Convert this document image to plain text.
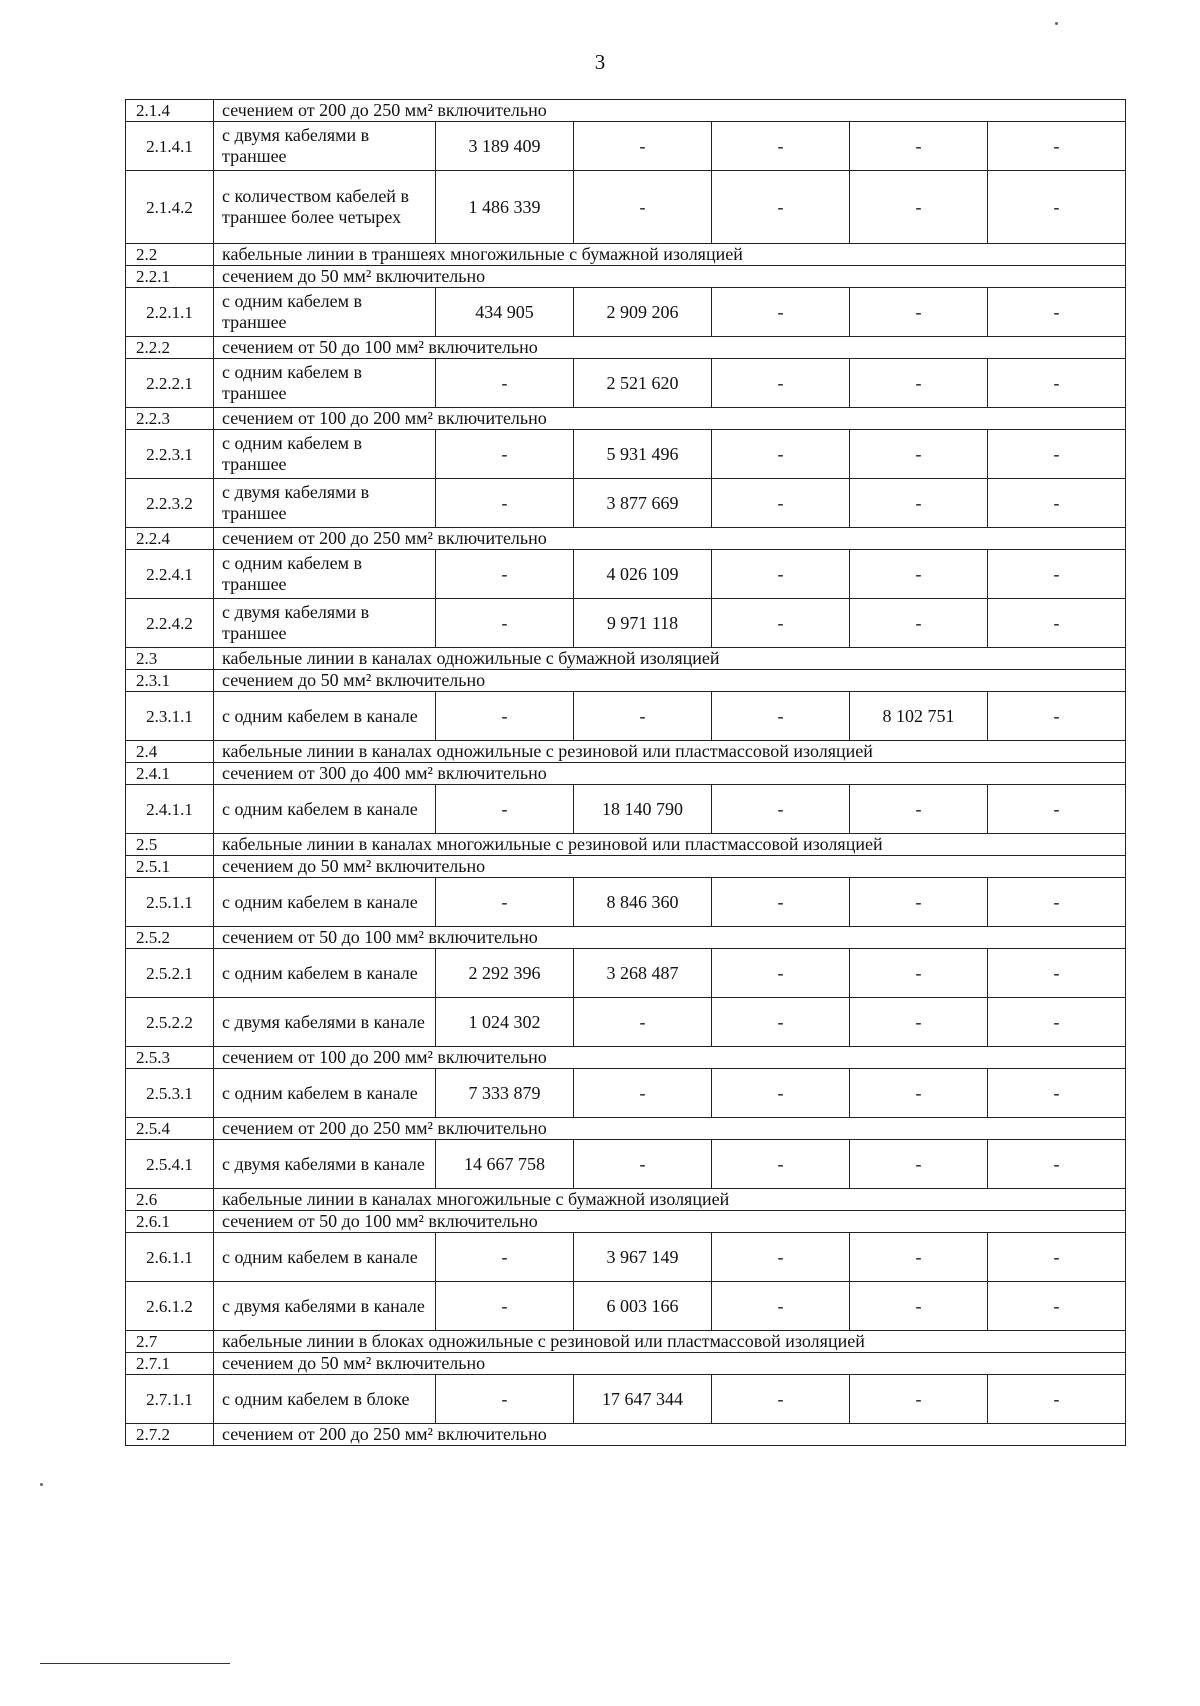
3
2.1.4	сечением от 200 до 250 мм² включительно					
2.1.4.1	с двумя кабелями в траншее	3 189 409	-	-	-	-
2.1.4.2	с количеством кабелей в траншее более четырех	1 486 339	-	-	-	-
2.2	кабельные линии в траншеях многожильные с бумажной изоляцией					
2.2.1	сечением до 50 мм² включительно					
2.2.1.1	с одним кабелем в траншее	434 905	2 909 206	-	-	-
2.2.2	сечением от 50 до 100 мм² включительно					
2.2.2.1	с одним кабелем в траншее	-	2 521 620	-	-	-
2.2.3	сечением от 100 до 200 мм² включительно					
2.2.3.1	с одним кабелем в траншее	-	5 931 496	-	-	-
2.2.3.2	с двумя кабелями в траншее	-	3 877 669	-	-	-
2.2.4	сечением от 200 до 250 мм² включительно					
2.2.4.1	с одним кабелем в траншее	-	4 026 109	-	-	-
2.2.4.2	с двумя кабелями в траншее	-	9 971 118	-	-	-
2.3	кабельные линии в каналах одножильные с бумажной изоляцией					
2.3.1	сечением до 50 мм² включительно					
2.3.1.1	с одним кабелем в канале	-	-	-	8 102 751	-
2.4	кабельные линии в каналах одножильные с резиновой или пластмассовой изоляцией					
2.4.1	сечением от 300 до 400 мм² включительно					
2.4.1.1	с одним кабелем в канале	-	18 140 790	-	-	-
2.5	кабельные линии в каналах многожильные с резиновой или пластмассовой изоляцией					
2.5.1	сечением до 50 мм² включительно					
2.5.1.1	с одним кабелем в канале	-	8 846 360	-	-	-
2.5.2	сечением от 50 до 100 мм² включительно					
2.5.2.1	с одним кабелем в канале	2 292 396	3 268 487	-	-	-
2.5.2.2	с двумя кабелями в канале	1 024 302	-	-	-	-
2.5.3	сечением от 100 до 200 мм² включительно					
2.5.3.1	с одним кабелем в канале	7 333 879	-	-	-	-
2.5.4	сечением от 200 до 250 мм² включительно					
2.5.4.1	с двумя кабелями в канале	14 667 758	-	-	-	-
2.6	кабельные линии в каналах многожильные с бумажной изоляцией					
2.6.1	сечением от 50 до 100 мм² включительно					
2.6.1.1	с одним кабелем в канале	-	3 967 149	-	-	-
2.6.1.2	с двумя кабелями в канале	-	6 003 166	-	-	-
2.7	кабельные линии в блоках одножильные с резиновой или пластмассовой изоляцией					
2.7.1	сечением до 50 мм² включительно					
2.7.1.1	с одним кабелем в блоке	-	17 647 344	-	-	-
2.7.2	сечением от 200 до 250 мм² включительно					
